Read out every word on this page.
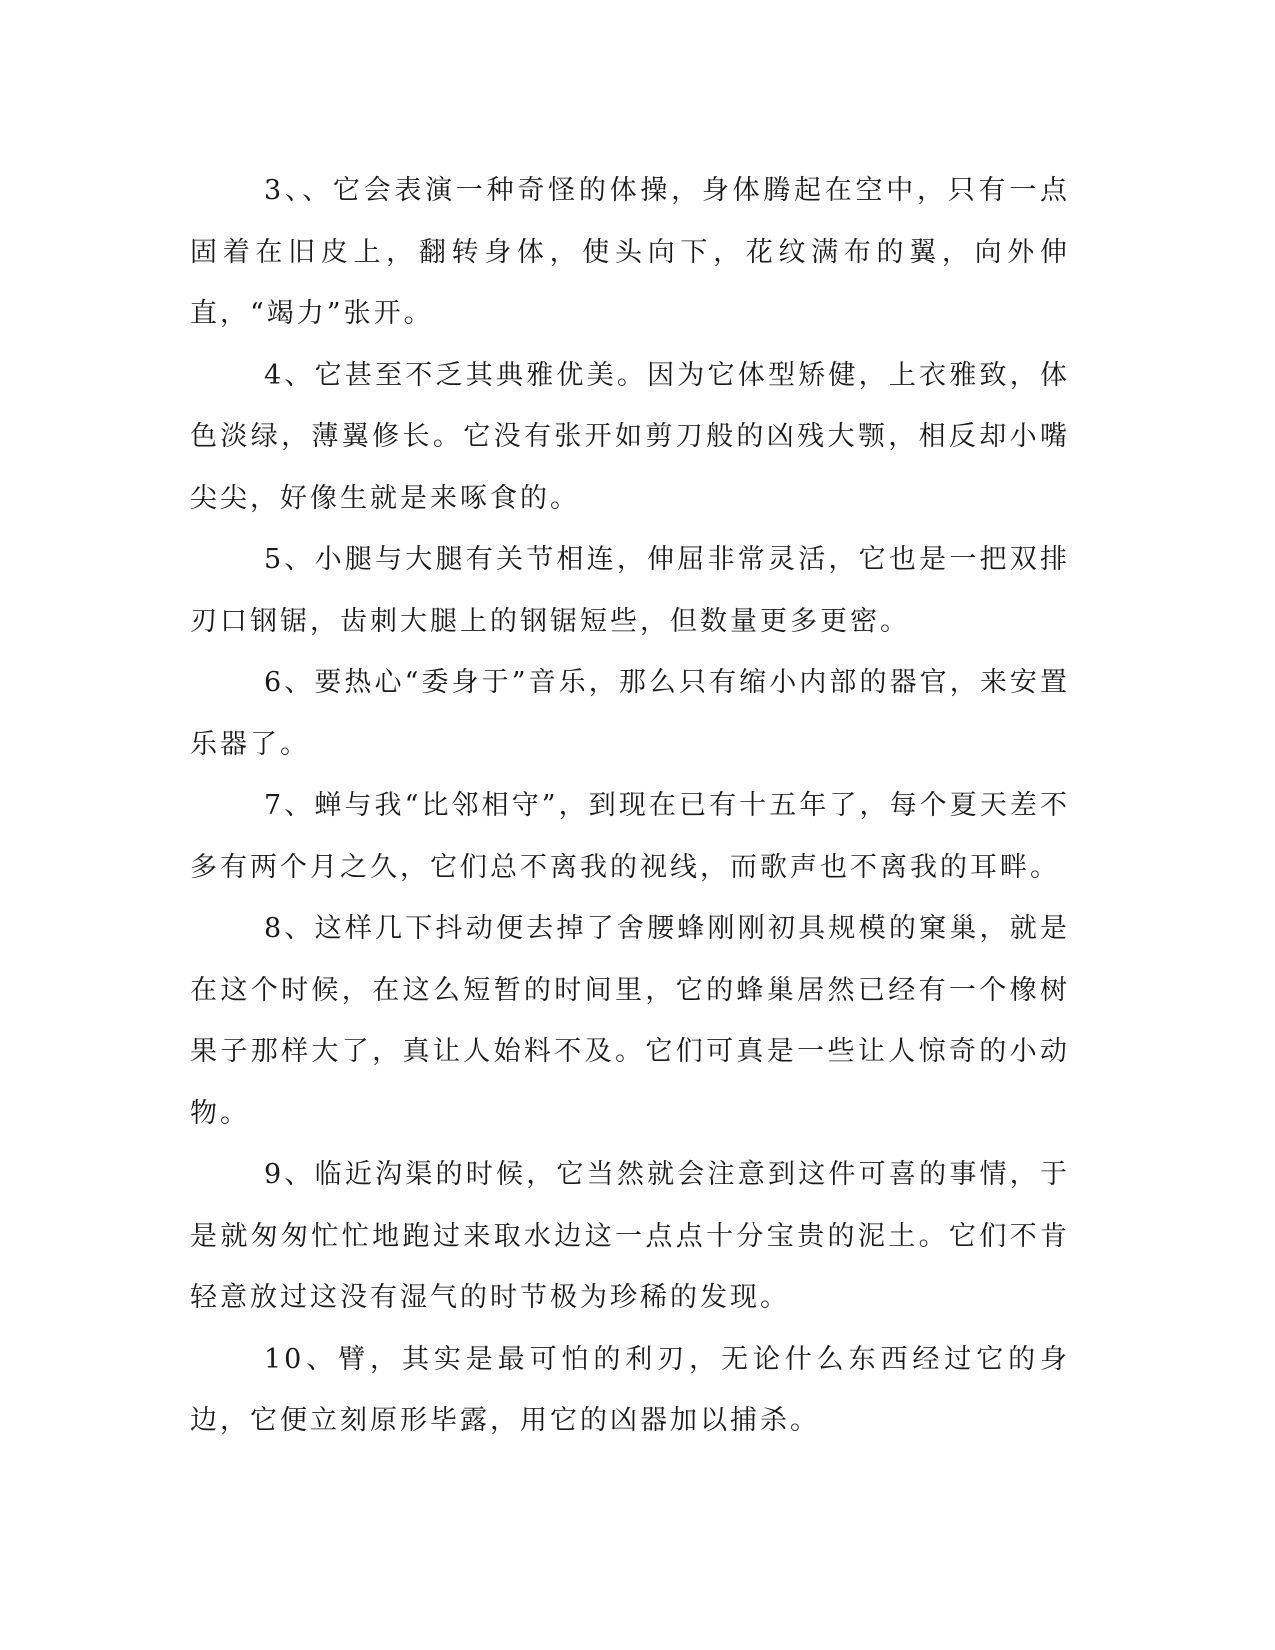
3、、它会表演一种奇怪的体操，身体腾起在空中，只有一点固着在旧皮上，翻转身体，使头向下，花纹满布的翼，向外伸直，“竭力”张开。

4、它甚至不乏其典雅优美。因为它体型矫健，上衣雅致，体色淡绿，薄翼修长。它没有张开如剪刀般的凶残大颚，相反却小嘴尖尖，好像生就是来啄食的。

5、小腿与大腿有关节相连，伸屈非常灵活，它也是一把双排刃口钢锯，齿刺大腿上的钢锯短些，但数量更多更密。

6、要热心“委身于”音乐，那么只有缩小内部的器官，来安置乐器了。

7、蝉与我“比邻相守”，到现在已有十五年了，每个夏天差不多有两个月之久，它们总不离我的视线，而歌声也不离我的耳畔。

8、这样几下抖动便去掉了舍腰蜂刚刚初具规模的窠巢，就是在这个时候，在这么短暂的时间里，它的蜂巢居然已经有一个橡树果子那样大了，真让人始料不及。它们可真是一些让人惊奇的小动物。

9、临近沟渠的时候，它当然就会注意到这件可喜的事情，于是就匆匆忙忙地跑过来取水边这一点点十分宝贵的泥土。它们不肯轻意放过这没有湿气的时节极为珍稀的发现。

10、臂，其实是最可怕的利刃，无论什么东西经过它的身边，它便立刻原形毕露，用它的凶器加以捕杀。
